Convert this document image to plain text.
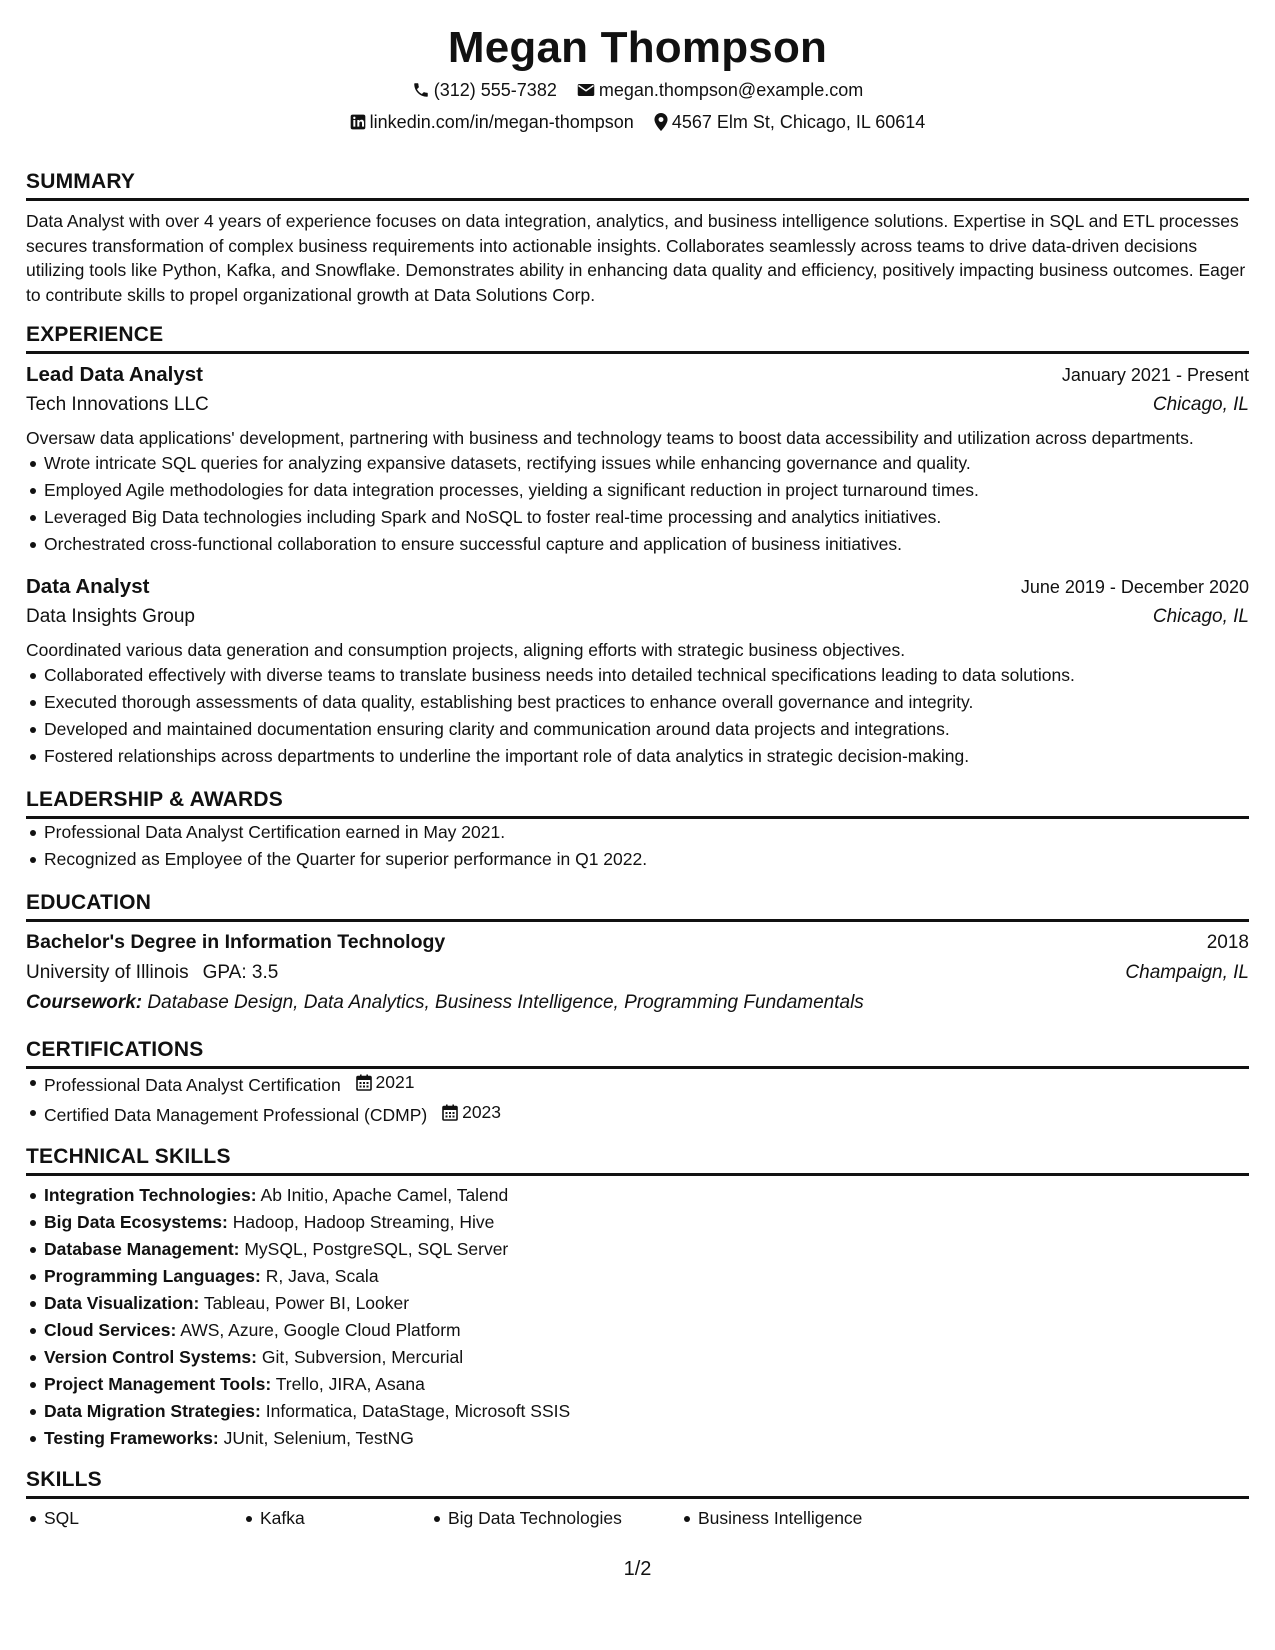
Megan Thompson
(312) 555-7382 megan.thompson@example.com
linkedin.com/in/megan-thompson 4567 Elm St, Chicago, IL 60614
SUMMARY
Data Analyst with over 4 years of experience focuses on data integration, analytics, and business intelligence solutions. Expertise in SQL and ETL processes secures transformation of complex business requirements into actionable insights. Collaborates seamlessly across teams to drive data-driven decisions utilizing tools like Python, Kafka, and Snowflake. Demonstrates ability in enhancing data quality and efficiency, positively impacting business outcomes. Eager to contribute skills to propel organizational growth at Data Solutions Corp.
EXPERIENCE
Lead Data Analyst	January 2021 - Present
Tech Innovations LLC	Chicago, IL
Oversaw data applications' development, partnering with business and technology teams to boost data accessibility and utilization across departments.
Wrote intricate SQL queries for analyzing expansive datasets, rectifying issues while enhancing governance and quality.
Employed Agile methodologies for data integration processes, yielding a significant reduction in project turnaround times.
Leveraged Big Data technologies including Spark and NoSQL to foster real-time processing and analytics initiatives.
Orchestrated cross-functional collaboration to ensure successful capture and application of business initiatives.
Data Analyst	June 2019 - December 2020
Data Insights Group	Chicago, IL
Coordinated various data generation and consumption projects, aligning efforts with strategic business objectives.
Collaborated effectively with diverse teams to translate business needs into detailed technical specifications leading to data solutions.
Executed thorough assessments of data quality, establishing best practices to enhance overall governance and integrity.
Developed and maintained documentation ensuring clarity and communication around data projects and integrations.
Fostered relationships across departments to underline the important role of data analytics in strategic decision-making.
LEADERSHIP & AWARDS
Professional Data Analyst Certification earned in May 2021.
Recognized as Employee of the Quarter for superior performance in Q1 2022.
EDUCATION
Bachelor's Degree in Information Technology	2018
University of Illinois GPA: 3.5	Champaign, IL
Coursework: Database Design, Data Analytics, Business Intelligence, Programming Fundamentals
CERTIFICATIONS
Professional Data Analyst Certification 2021
Certified Data Management Professional (CDMP) 2023
TECHNICAL SKILLS
Integration Technologies: Ab Initio, Apache Camel, Talend
Big Data Ecosystems: Hadoop, Hadoop Streaming, Hive
Database Management: MySQL, PostgreSQL, SQL Server
Programming Languages: R, Java, Scala
Data Visualization: Tableau, Power BI, Looker
Cloud Services: AWS, Azure, Google Cloud Platform
Version Control Systems: Git, Subversion, Mercurial
Project Management Tools: Trello, JIRA, Asana
Data Migration Strategies: Informatica, DataStage, Microsoft SSIS
Testing Frameworks: JUnit, Selenium, TestNG
SKILLS
SQL	Kafka	Big Data Technologies	Business Intelligence
1/2
